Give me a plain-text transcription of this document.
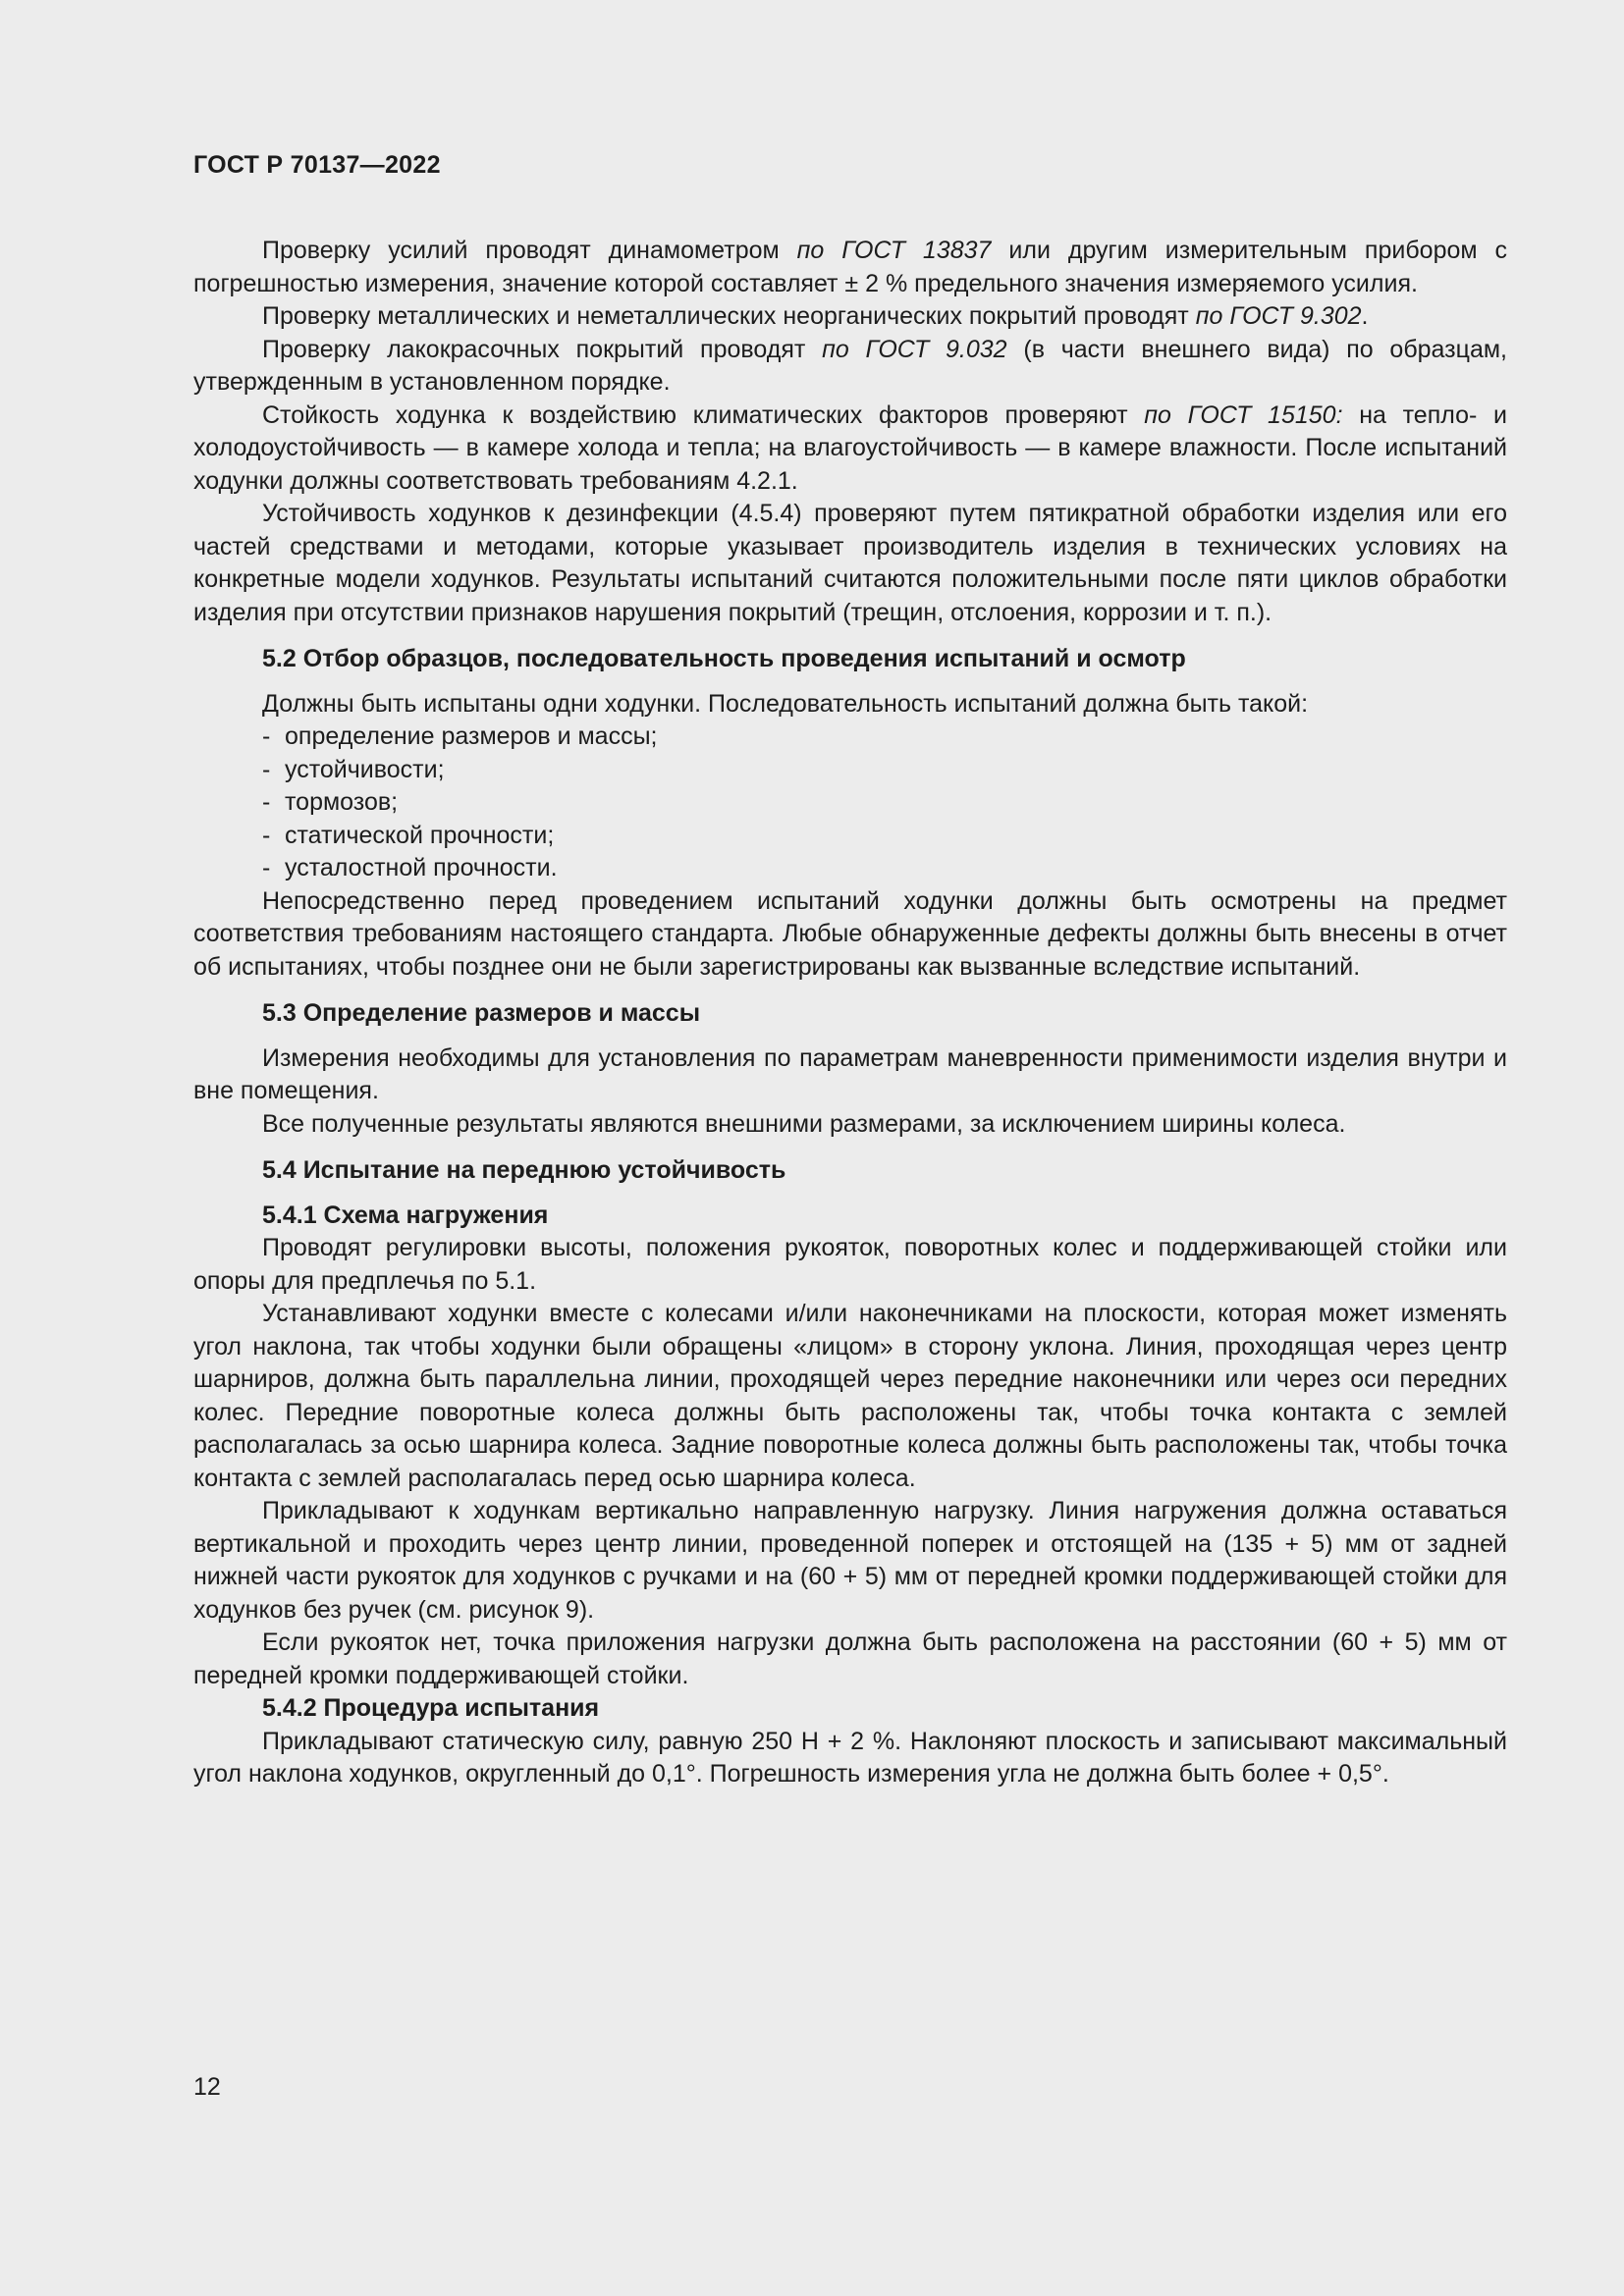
ГОСТ Р 70137—2022

Проверку усилий проводят динамометром по ГОСТ 13837 или другим измерительным прибором с погрешностью измерения, значение которой составляет ± 2 % предельного значения измеряемого усилия.

Проверку металлических и неметаллических неорганических покрытий проводят по ГОСТ 9.302.

Проверку лакокрасочных покрытий проводят по ГОСТ 9.032 (в части внешнего вида) по образцам, утвержденным в установленном порядке.

Стойкость ходунка к воздействию климатических факторов проверяют по ГОСТ 15150: на тепло- и холодоустойчивость — в камере холода и тепла; на влагоустойчивость — в камере влажности. После испытаний ходунки должны соответствовать требованиям 4.2.1.

Устойчивость ходунков к дезинфекции (4.5.4) проверяют путем пятикратной обработки изделия или его частей средствами и методами, которые указывает производитель изделия в технических условиях на конкретные модели ходунков. Результаты испытаний считаются положительными после пяти циклов обработки изделия при отсутствии признаков нарушения покрытий (трещин, отслоения, коррозии и т. п.).

5.2 Отбор образцов, последовательность проведения испытаний и осмотр

Должны быть испытаны одни ходунки. Последовательность испытаний должна быть такой:

- определение размеров и массы;
- устойчивости;
- тормозов;
- статической прочности;
- усталостной прочности.

Непосредственно перед проведением испытаний ходунки должны быть осмотрены на предмет соответствия требованиям настоящего стандарта. Любые обнаруженные дефекты должны быть внесены в отчет об испытаниях, чтобы позднее они не были зарегистрированы как вызванные вследствие испытаний.

5.3 Определение размеров и массы

Измерения необходимы для установления по параметрам маневренности применимости изделия внутри и вне помещения.

Все полученные результаты являются внешними размерами, за исключением ширины колеса.

5.4 Испытание на переднюю устойчивость
5.4.1 Схема нагружения

Проводят регулировки высоты, положения рукояток, поворотных колес и поддерживающей стойки или опоры для предплечья по 5.1.

Устанавливают ходунки вместе с колесами и/или наконечниками на плоскости, которая может изменять угол наклона, так чтобы ходунки были обращены «лицом» в сторону уклона. Линия, проходящая через центр шарниров, должна быть параллельна линии, проходящей через передние наконечники или через оси передних колес. Передние поворотные колеса должны быть расположены так, чтобы точка контакта с землей располагалась за осью шарнира колеса. Задние поворотные колеса должны быть расположены так, чтобы точка контакта с землей располагалась перед осью шарнира колеса.

Прикладывают к ходункам вертикально направленную нагрузку. Линия нагружения должна оставаться вертикальной и проходить через центр линии, проведенной поперек и отстоящей на (135 + 5) мм от задней нижней части рукояток для ходунков с ручками и на (60 + 5) мм от передней кромки поддерживающей стойки для ходунков без ручек (см. рисунок 9).

Если рукояток нет, точка приложения нагрузки должна быть расположена на расстоянии (60 + 5) мм от передней кромки поддерживающей стойки.

5.4.2 Процедура испытания

Прикладывают статическую силу, равную 250 Н + 2 %. Наклоняют плоскость и записывают максимальный угол наклона ходунков, округленный до 0,1°. Погрешность измерения угла не должна быть более + 0,5°.

12
